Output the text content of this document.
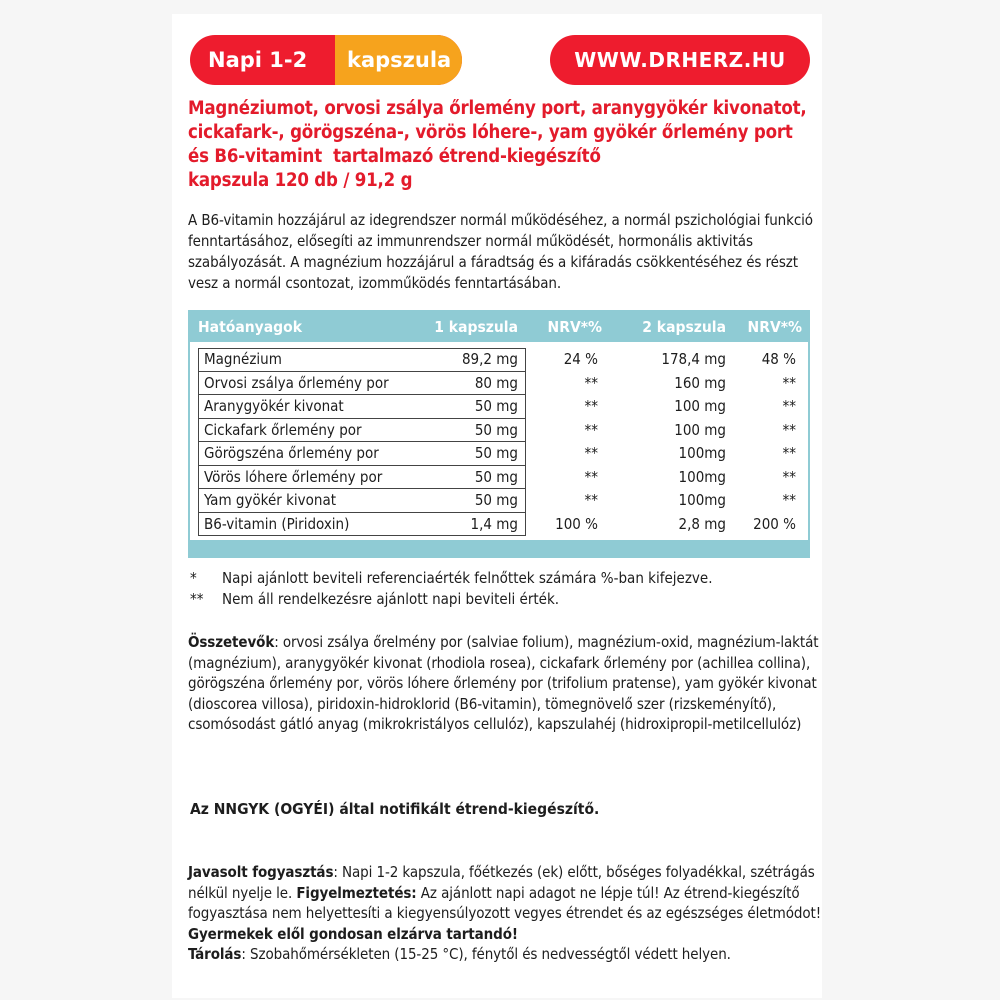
Napi 1-2	kapszula	WWW.DRHERZ.HU
Magnéziumot, orvosi zsálya őrlemény port, aranygyökér kivonatot,
cickafark-, görögszéna-, vörös lóhere-, yam gyökér őrlemény port
és B6-vitamint  tartalmazó étrend-kiegészítő
kapszula 120 db / 91,2 g
A B6-vitamin hozzájárul az idegrendszer normál működéséhez, a normál pszichológiai funkció fenntartásához, elősegíti az immunrendszer normál működését, hormonális aktivitás szabályozását. A magnézium hozzájárul a fáradtság és a kifáradás csökkentéséhez és részt vesz a normál csontozat, izomműködés fenntartásában.
Hatóanyagok	1 kapszula NRV*%	2 kapszula NRV*%
Magnézium	89,2 mg	24 %	178,4 mg 48 %
Orvosi zsálya őrlemény por	80 mg	**	160 mg	**
Aranygyökér kivonat	50 mg	**	100 mg	**
Cickafark őrlemény por	50 mg	**	100 mg	**
Görögszéna őrlemény por	50 mg	**	100mg	**
Vörös lóhere őrlemény por	50 mg	**	100mg	**
Yam gyökér kivonat	50 mg	**	100mg	**
B6-vitamin (Piridoxin)	1,4 mg 100 %	2,8 mg 200 %
* Napi ajánlott beviteli referenciaérték felnőttek számára %-ban kifejezve.
** Nem áll rendelkezésre ajánlott napi beviteli érték.
Összetevők: orvosi zsálya őrelmény por (salviae folium), magnézium-oxid, magnézium-laktát (magnézium), aranygyökér kivonat (rhodiola rosea), cickafark őrlemény por (achillea collina), görögszéna őrlemény por, vörös lóhere őrlemény por (trifolium pratense), yam gyökér kivonat (dioscorea villosa), piridoxin-hidroklorid (B6-vitamin), tömegnövelő szer (rizskeményítő), csomósodást gátló anyag (mikrokristályos cellulóz), kapszulahéj (hidroxipropil-metilcellulóz)
Az NNGYK (OGYÉI) által notifikált étrend-kiegészítő.
Javasolt fogyasztás: Napi 1-2 kapszula, főétkezés (ek) előtt, bőséges folyadékkal, szétrágás nélkül nyelje le. Figyelmeztetés: Az ajánlott napi adagot ne lépje túl! Az étrend-kiegészítő fogyasztása nem helyettesíti a kiegyensúlyozott vegyes étrendet és az egészséges életmódot! Gyermekek elől gondosan elzárva tartandó!
Tárolás: Szobahőmérsékleten (15-25 °C), fénytől és nedvességtől védett helyen.
